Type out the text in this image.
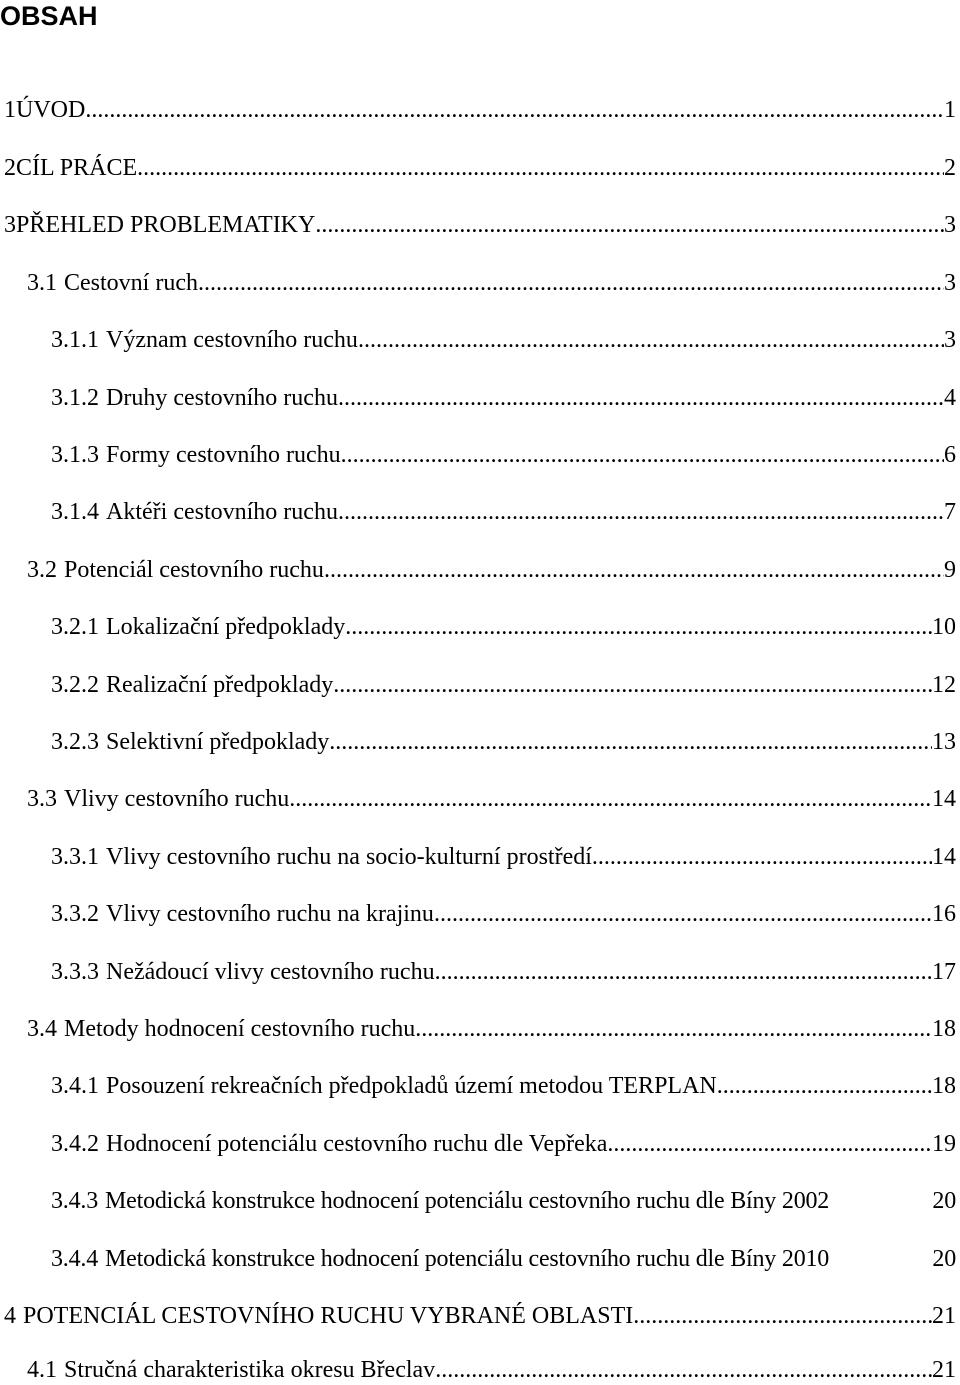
OBSAH
1 ÚVOD .....	1
2 CÍL PRÁCE .....	2
3 PŘEHLED PROBLEMATIKY .....	3
3.1 Cestovní ruch .....	3
3.1.1 Význam cestovního ruchu .....	3
3.1.2 Druhy cestovního ruchu .....	4
3.1.3 Formy cestovního ruchu .....	6
3.1.4 Aktéři cestovního ruchu .....	7
3.2 Potenciál cestovního ruchu .....	9
3.2.1 Lokalizační předpoklady .....	10
3.2.2 Realizační předpoklady .....	12
3.2.3 Selektivní předpoklady .....	13
3.3 Vlivy cestovního ruchu .....	14
3.3.1 Vlivy cestovního ruchu na socio-kulturní prostředí .....	14
3.3.2 Vlivy cestovního ruchu na krajinu .....	16
3.3.3 Nežádoucí vlivy cestovního ruchu .....	17
3.4 Metody hodnocení cestovního ruchu .....	18
3.4.1 Posouzení rekreačních předpokladů území metodou TERPLAN .....	18
3.4.2 Hodnocení potenciálu cestovního ruchu dle Vepřeka .....	19
3.4.3 Metodická konstrukce hodnocení potenciálu cestovního ruchu dle Bíny 2002	20
3.4.4 Metodická konstrukce hodnocení potenciálu cestovního ruchu dle Bíny 2010	20
4 POTENCIÁL CESTOVNÍHO RUCHU VYBRANÉ OBLASTI .....	21
4.1 Stručná charakteristika okresu Břeclav .....	21
